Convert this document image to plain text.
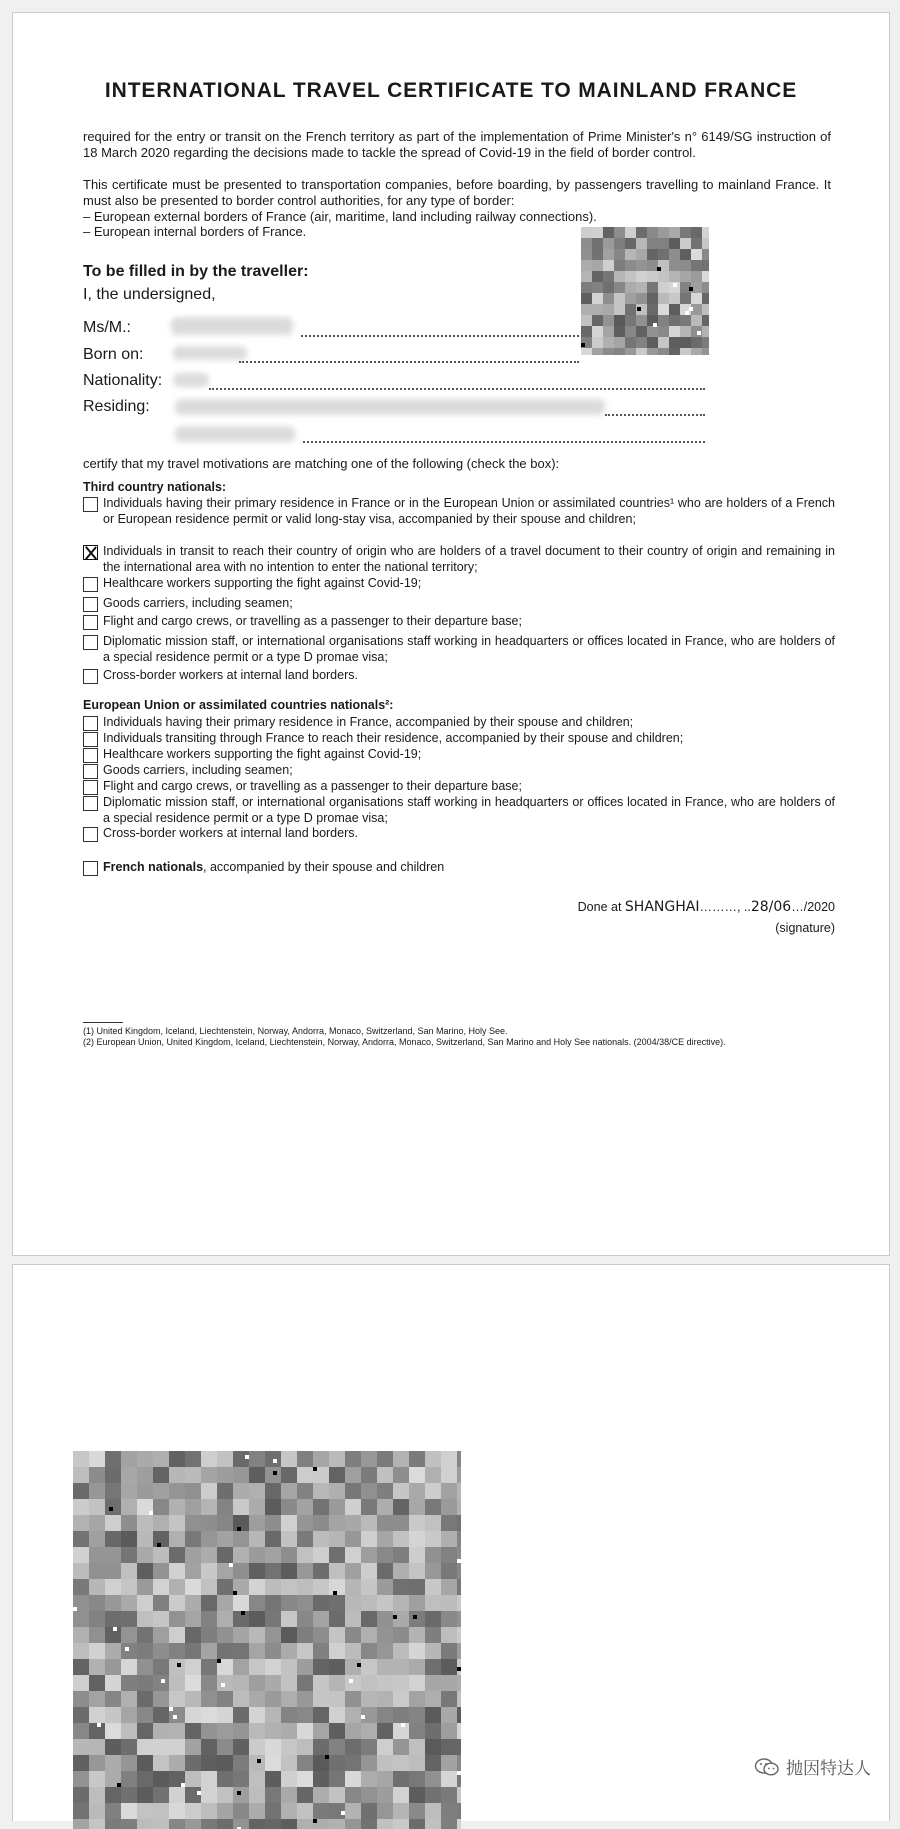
INTERNATIONAL TRAVEL CERTIFICATE TO MAINLAND FRANCE
required for the entry or transit on the French territory as part of the implementation of Prime Minister's n° 6149/SG instruction of 18 March 2020 regarding the decisions made to tackle the spread of Covid-19 in the field of border control.
This certificate must be presented to transportation companies, before boarding, by passengers travelling to mainland France. It must also be presented to border control authorities, for any type of border:
– European external borders of France (air, maritime, land including railway connections).
– European internal borders of France.
To be filled in by the traveller:
I, the undersigned,
Ms/M.:
Born on:
Nationality:
Residing:
certify that my travel motivations are matching one of the following (check the box):
Third country nationals:
Individuals having their primary residence in France or in the European Union or assimilated countries¹ who are holders of a French or European residence permit or valid long-stay visa, accompanied by their spouse and children;
Individuals in transit to reach their country of origin who are holders of a travel document to their country of origin and remaining in the international area with no intention to enter the national territory;
Healthcare workers supporting the fight against Covid-19;
Goods carriers, including seamen;
Flight and cargo crews, or travelling as a passenger to their departure base;
Diplomatic mission staff, or international organisations staff working in headquarters or offices located in France, who are holders of a special residence permit or a type D promae visa;
Cross-border workers at internal land borders.
European Union or assimilated countries nationals²:
Individuals having their primary residence in France, accompanied by their spouse and children;
Individuals transiting through France to reach their residence, accompanied by their spouse and children;
Healthcare workers supporting the fight against Covid-19;
Goods carriers, including seamen;
Flight and cargo crews, or travelling as a passenger to their departure base;
Diplomatic mission staff, or international organisations staff working in headquarters or offices located in France, who are holders of a special residence permit or a type D promae visa;
Cross-border workers at internal land borders.
French nationals, accompanied by their spouse and children
Done at SHANGHAI………, ..28/06…/2020
(signature)
(1) United Kingdom, Iceland, Liechtenstein, Norway, Andorra, Monaco, Switzerland, San Marino, Holy See.
(2) European Union, United Kingdom, Iceland, Liechtenstein, Norway, Andorra, Monaco, Switzerland, San Marino and Holy See nationals. (2004/38/CE directive).
抛因特达人
